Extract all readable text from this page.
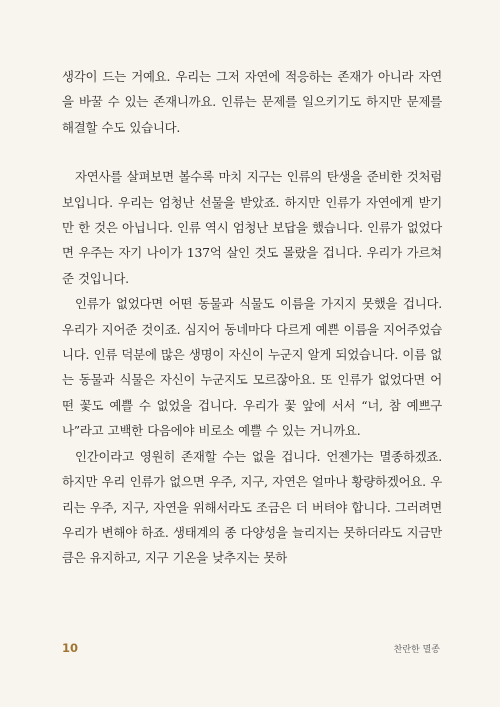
생각이 드는 거예요. 우리는 그저 자연에 적응하는 존재가 아니라 자연을 바꿀 수 있는 존재니까요. 인류는 문제를 일으키기도 하지만 문제를 해결할 수도 있습니다.

자연사를 살펴보면 볼수록 마치 지구는 인류의 탄생을 준비한 것처럼 보입니다. 우리는 엄청난 선물을 받았죠. 하지만 인류가 자연에게 받기만 한 것은 아닙니다. 인류 역시 엄청난 보답을 했습니다. 인류가 없었다면 우주는 자기 나이가 137억 살인 것도 몰랐을 겁니다. 우리가 가르쳐준 것입니다.

인류가 없었다면 어떤 동물과 식물도 이름을 가지지 못했을 겁니다. 우리가 지어준 것이죠. 심지어 동네마다 다르게 예쁜 이름을 지어주었습니다. 인류 덕분에 많은 생명이 자신이 누군지 알게 되었습니다. 이름 없는 동물과 식물은 자신이 누군지도 모르잖아요. 또 인류가 없었다면 어떤 꽃도 예쁠 수 없었을 겁니다. 우리가 꽃 앞에 서서 “너, 참 예쁘구나”라고 고백한 다음에야 비로소 예쁠 수 있는 거니까요.

인간이라고 영원히 존재할 수는 없을 겁니다. 언젠가는 멸종하겠죠. 하지만 우리 인류가 없으면 우주, 지구, 자연은 얼마나 황량하겠어요. 우리는 우주, 지구, 자연을 위해서라도 조금은 더 버텨야 합니다. 그러려면 우리가 변해야 하죠. 생태계의 종 다양성을 늘리지는 못하더라도 지금만큼은 유지하고, 지구 기온을 낮추지는 못하

10	찬란한 멸종
